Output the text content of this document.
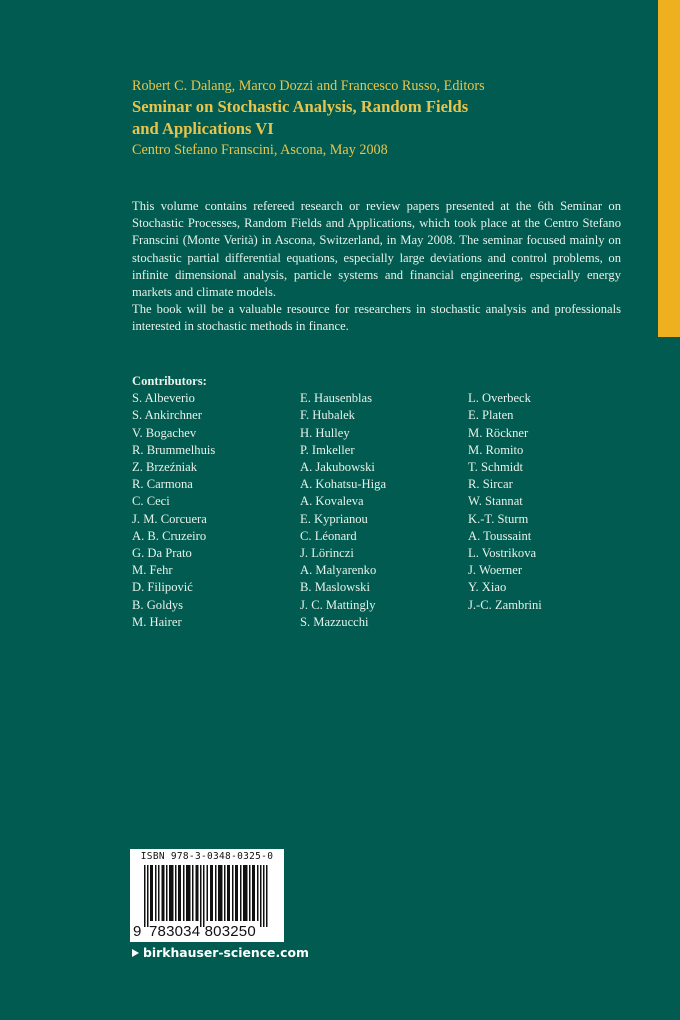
Robert C. Dalang, Marco Dozzi and Francesco Russo, Editors

Seminar on Stochastic Analysis, Random Fields

and Applications VI

Centro Stefano Franscini, Ascona, May 2008

This volume contains refereed research or review papers presented at the 6th Seminar on Stochastic Processes, Random Fields and Applications, which took place at the Centro Stefano Franscini (Monte Verità) in Ascona, Switzerland, in May 2008. The seminar focused mainly on stochastic partial differential equations, especially large deviations and control problems, on infinite dimensional analysis, particle systems and financial engineering, especially energy markets and climate models.

The book will be a valuable resource for researchers in stochastic analysis and professionals interested in stochastic methods in finance.

Contributors:

S. Albeverio
S. Ankirchner
V. Bogachev
R. Brummelhuis
Z. Brzeźniak
R. Carmona
C. Ceci
J. M. Corcuera
A. B. Cruzeiro
G. Da Prato
M. Fehr
D. Filipović
B. Goldys
M. Hairer
E. Hausenblas
F. Hubalek
H. Hulley
P. Imkeller
A. Jakubowski
A. Kohatsu-Higa
A. Kovaleva
E. Kyprianou
C. Léonard
J. Lörinczi
A. Malyarenko
B. Maslowski
J. C. Mattingly
S. Mazzucchi
L. Overbeck
E. Platen
M. Röckner
M. Romito
T. Schmidt
R. Sircar
W. Stannat
K.-T. Sturm
A. Toussaint
L. Vostrikova
J. Woerner
Y. Xiao
J.-C. Zambrini
ISBN 978-3-0348-0325-0
9 783034 803250
birkhauser-science.com
